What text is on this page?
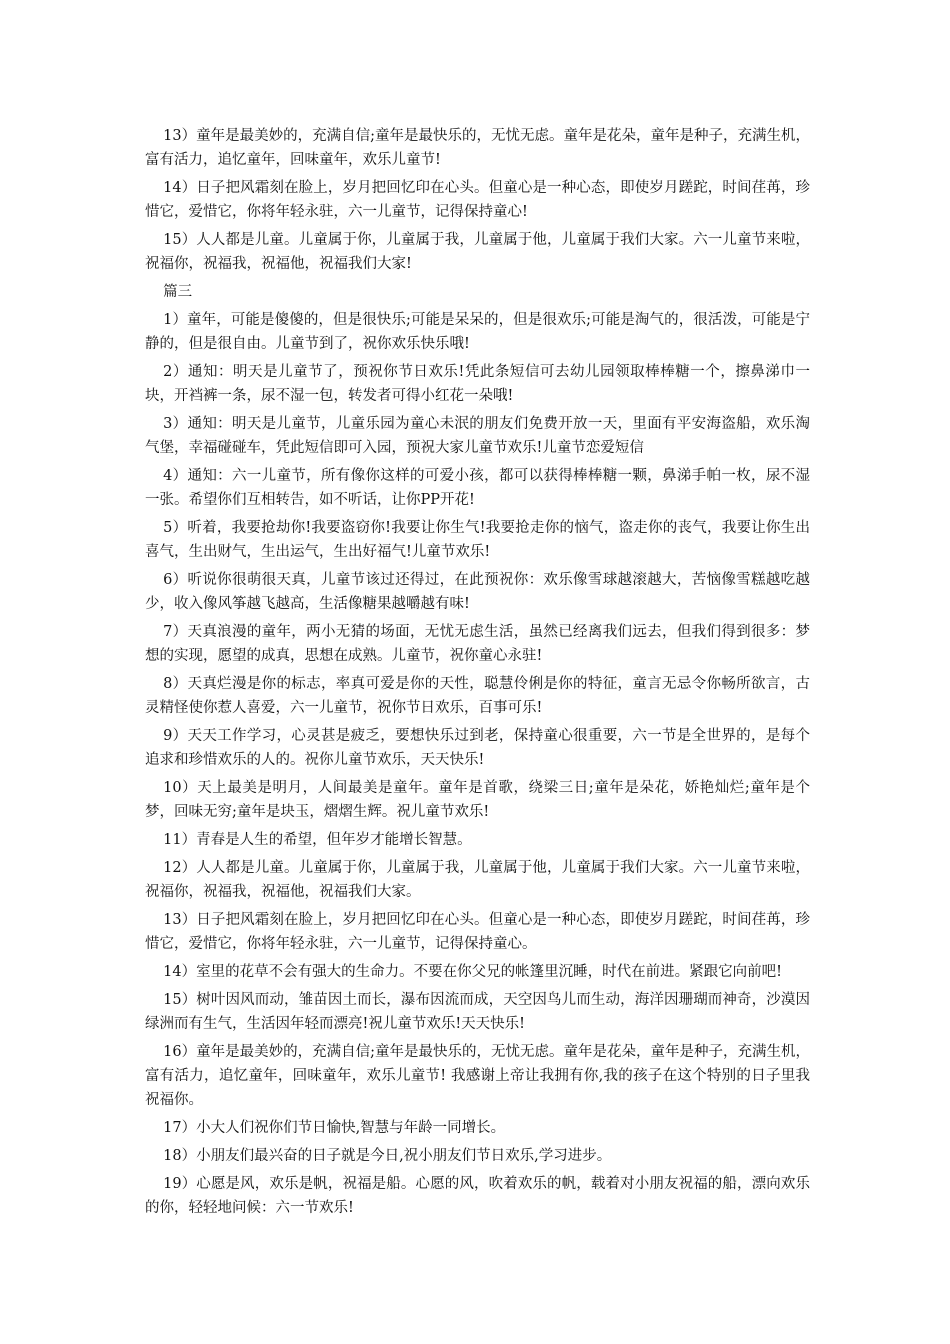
13）童年是最美妙的，充满自信;童年是最快乐的，无忧无虑。童年是花朵，童年是种子，充满生机，富有活力，追忆童年，回味童年，欢乐儿童节!

14）日子把风霜刻在脸上，岁月把回忆印在心头。但童心是一种心态，即使岁月蹉跎，时间荏苒，珍惜它，爱惜它，你将年轻永驻，六一儿童节，记得保持童心!

15）人人都是儿童。儿童属于你，儿童属于我，儿童属于他，儿童属于我们大家。六一儿童节来啦，祝福你，祝福我，祝福他，祝福我们大家!

篇三

1）童年，可能是傻傻的，但是很快乐;可能是呆呆的，但是很欢乐;可能是淘气的，很活泼，可能是宁静的，但是很自由。儿童节到了，祝你欢乐快乐哦!

2）通知：明天是儿童节了，预祝你节日欢乐!凭此条短信可去幼儿园领取棒棒糖一个，擦鼻涕巾一块，开裆裤一条，尿不湿一包，转发者可得小红花一朵哦!

3）通知：明天是儿童节，儿童乐园为童心未泯的朋友们免费开放一天，里面有平安海盗船，欢乐淘气堡，幸福碰碰车，凭此短信即可入园，预祝大家儿童节欢乐!儿童节恋爱短信

4）通知：六一儿童节，所有像你这样的可爱小孩，都可以获得棒棒糖一颗，鼻涕手帕一枚，尿不湿一张。希望你们互相转告，如不听话，让你PP开花!

5）听着，我要抢劫你!我要盗窃你!我要让你生气!我要抢走你的恼气，盗走你的丧气，我要让你生出喜气，生出财气，生出运气，生出好福气!儿童节欢乐!

6）听说你很萌很天真，儿童节该过还得过，在此预祝你：欢乐像雪球越滚越大，苦恼像雪糕越吃越少，收入像风筝越飞越高，生活像糖果越嚼越有味!

7）天真浪漫的童年，两小无猜的场面，无忧无虑生活，虽然已经离我们远去，但我们得到很多：梦想的实现，愿望的成真，思想在成熟。儿童节，祝你童心永驻!

8）天真烂漫是你的标志，率真可爱是你的天性，聪慧伶俐是你的特征，童言无忌令你畅所欲言，古灵精怪使你惹人喜爱，六一儿童节，祝你节日欢乐，百事可乐!

9）天天工作学习，心灵甚是疲乏，要想快乐过到老，保持童心很重要，六一节是全世界的，是每个追求和珍惜欢乐的人的。祝你儿童节欢乐，天天快乐!

10）天上最美是明月，人间最美是童年。童年是首歌，绕梁三日;童年是朵花，娇艳灿烂;童年是个梦，回味无穷;童年是块玉，熠熠生辉。祝儿童节欢乐!

11）青春是人生的希望，但年岁才能增长智慧。

12）人人都是儿童。儿童属于你，儿童属于我，儿童属于他，儿童属于我们大家。六一儿童节来啦，祝福你，祝福我，祝福他，祝福我们大家。

13）日子把风霜刻在脸上，岁月把回忆印在心头。但童心是一种心态，即使岁月蹉跎，时间荏苒，珍惜它，爱惜它，你将年轻永驻，六一儿童节，记得保持童心。

14）室里的花草不会有强大的生命力。不要在你父兄的帐篷里沉睡，时代在前进。紧跟它向前吧!

15）树叶因风而动，雏苗因土而长，瀑布因流而成，天空因鸟儿而生动，海洋因珊瑚而神奇，沙漠因绿洲而有生气，生活因年轻而漂亮!祝儿童节欢乐!天天快乐!

16）童年是最美妙的，充满自信;童年是最快乐的，无忧无虑。童年是花朵，童年是种子，充满生机，富有活力，追忆童年，回味童年，欢乐儿童节! 我感谢上帝让我拥有你,我的孩子在这个特别的日子里我祝福你。

17）小大人们祝你们节日愉快,智慧与年龄一同增长。

18）小朋友们最兴奋的日子就是今日,祝小朋友们节日欢乐,学习进步。

19）心愿是风，欢乐是帆，祝福是船。心愿的风，吹着欢乐的帆，载着对小朋友祝福的船，漂向欢乐的你，轻轻地问候：六一节欢乐!
